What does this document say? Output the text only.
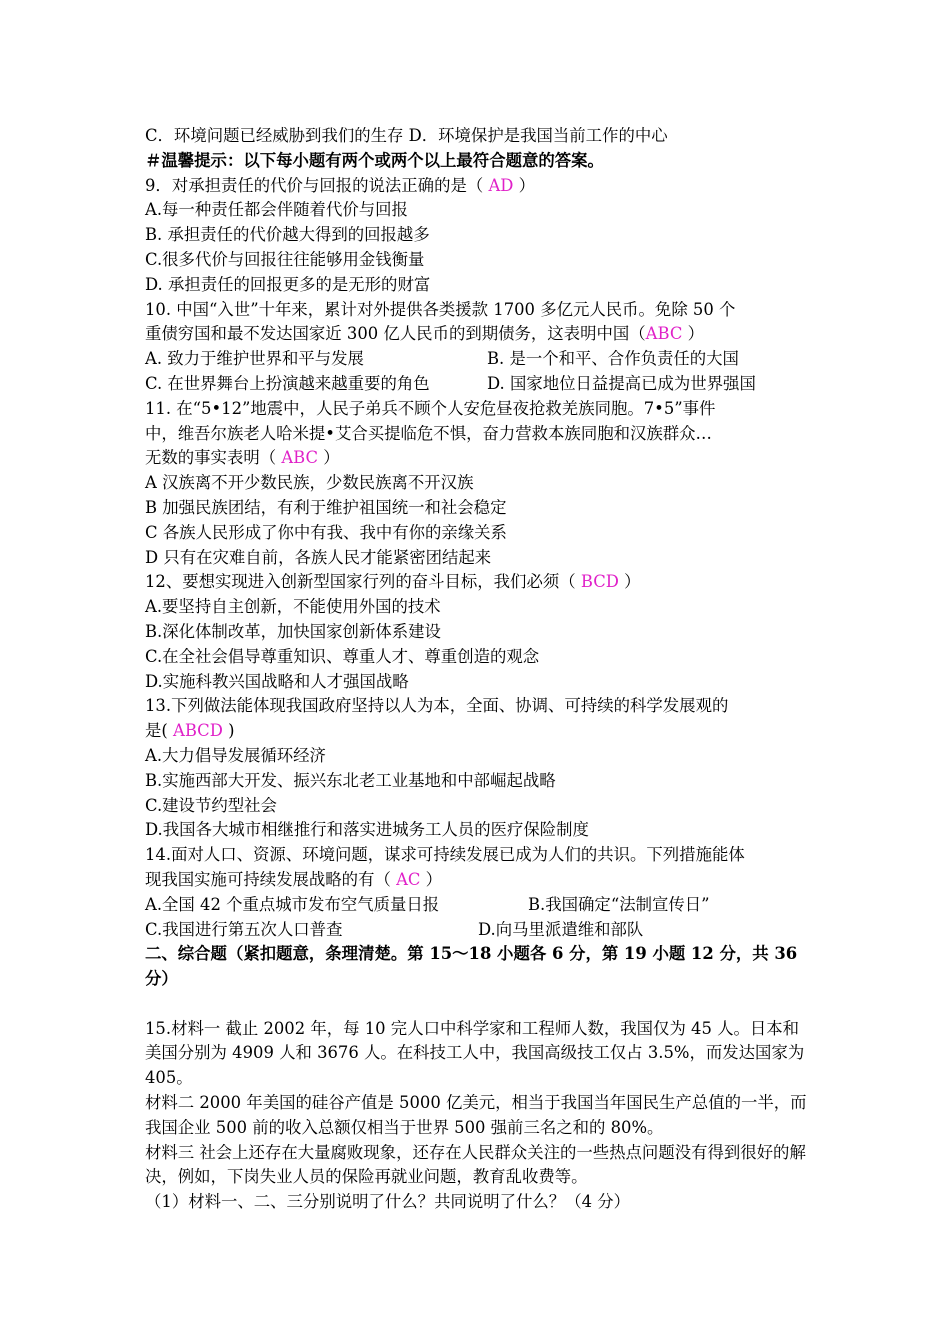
C．环境问题已经威胁到我们的生存 D．环境保护是我国当前工作的中心
＃温馨提示：以下每小题有两个或两个以上最符合题意的答案。
9．对承担责任的代价与回报的说法正确的是（ AD ）
A.每一种责任都会伴随着代价与回报
B. 承担责任的代价越大得到的回报越多
C.很多代价与回报往往能够用金钱衡量
D. 承担责任的回报更多的是无形的财富
10. 中国“入世”十年来，累计对外提供各类援款 1700 多亿元人民币。免除 50 个
重债穷国和最不发达国家近 300 亿人民币的到期债务，这表明中国（ABC ）
A. 致力于维护世界和平与发展	B. 是一个和平、合作负责任的大国
C. 在世界舞台上扮演越来越重要的角色	D. 国家地位日益提高已成为世界强国
11. 在“5•12”地震中，人民子弟兵不顾个人安危昼夜抢救羌族同胞。7•5”事件
中，维吾尔族老人哈米提•艾合买提临危不惧，奋力营救本族同胞和汉族群众…
无数的事实表明（ ABC ）
A 汉族离不开少数民族，少数民族离不开汉族
B 加强民族团结，有利于维护祖国统一和社会稳定
C 各族人民形成了你中有我、我中有你的亲缘关系
D 只有在灾难自前，各族人民才能紧密团结起来
12、要想实现进入创新型国家行列的奋斗目标，我们必须（ BCD ）
A.要坚持自主创新，不能使用外国的技术
B.深化体制改革，加快国家创新体系建设
C.在全社会倡导尊重知识、尊重人才、尊重创造的观念
D.实施科教兴国战略和人才强国战略
13.下列做法能体现我国政府坚持以人为本，全面、协调、可持续的科学发展观的
是( ABCD )
A.大力倡导发展循环经济
B.实施西部大开发、振兴东北老工业基地和中部崛起战略
C.建设节约型社会
D.我国各大城市相继推行和落实进城务工人员的医疗保险制度
14.面对人口、资源、环境问题，谋求可持续发展已成为人们的共识。下列措施能体
现我国实施可持续发展战略的有（ AC ）
A.全国 42 个重点城市发布空气质量日报	B.我国确定“法制宣传日”
C.我国进行第五次人口普查	D.向马里派遣维和部队
二、综合题（紧扣题意，条理清楚。第 15～18 小题各 6 分，第 19 小题 12 分，共 36 分）
15.材料一 截止 2002 年，每 10 完人口中科学家和工程师人数，我国仅为 45 人。日本和美国分别为 4909 人和 3676 人。在科技工人中，我国高级技工仅占 3.5%，而发达国家为 405。
材料二 2000 年美国的硅谷产值是 5000 亿美元，相当于我国当年国民生产总值的一半，而我国企业 500 前的收入总额仅相当于世界 500 强前三名之和的 80%。
材料三 社会上还存在大量腐败现象，还存在人民群众关注的一些热点问题没有得到很好的解决，例如，下岗失业人员的保险再就业问题，教育乱收费等。
（1）材料一、二、三分别说明了什么？共同说明了什么？（4 分）
